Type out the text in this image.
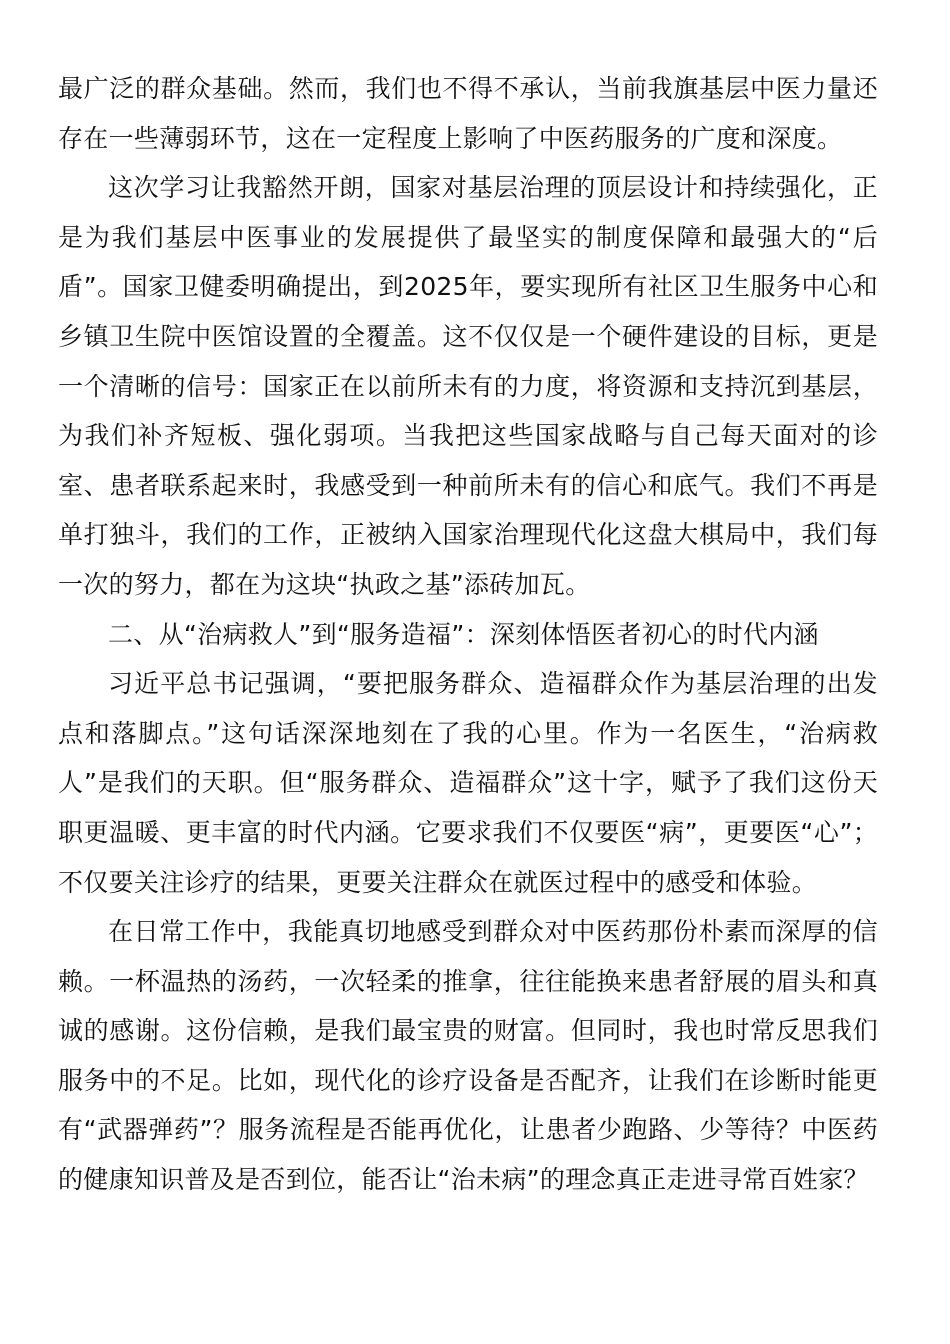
最广泛的群众基础。然而，我们也不得不承认，当前我旗基层中医力量还存在一些薄弱环节，这在一定程度上影响了中医药服务的广度和深度。

这次学习让我豁然开朗，国家对基层治理的顶层设计和持续强化，正是为我们基层中医事业的发展提供了最坚实的制度保障和最强大的“后盾”。国家卫健委明确提出，到2025年，要实现所有社区卫生服务中心和乡镇卫生院中医馆设置的全覆盖。这不仅仅是一个硬件建设的目标，更是一个清晰的信号：国家正在以前所未有的力度，将资源和支持沉到基层，为我们补齐短板、强化弱项。当我把这些国家战略与自己每天面对的诊室、患者联系起来时，我感受到一种前所未有的信心和底气。我们不再是单打独斗，我们的工作，正被纳入国家治理现代化这盘大棋局中，我们每一次的努力，都在为这块“执政之基”添砖加瓦。

二、从“治病救人”到“服务造福”：深刻体悟医者初心的时代内涵

习近平总书记强调，“要把服务群众、造福群众作为基层治理的出发点和落脚点。”这句话深深地刻在了我的心里。作为一名医生，“治病救人”是我们的天职。但“服务群众、造福群众”这十字，赋予了我们这份天职更温暖、更丰富的时代内涵。它要求我们不仅要医“病”，更要医“心”；不仅要关注诊疗的结果，更要关注群众在就医过程中的感受和体验。

在日常工作中，我能真切地感受到群众对中医药那份朴素而深厚的信赖。一杯温热的汤药，一次轻柔的推拿，往往能换来患者舒展的眉头和真诚的感谢。这份信赖，是我们最宝贵的财富。但同时，我也时常反思我们服务中的不足。比如，现代化的诊疗设备是否配齐，让我们在诊断时能更有“武器弹药”？服务流程是否能再优化，让患者少跑路、少等待？中医药的健康知识普及是否到位，能否让“治未病”的理念真正走进寻常百姓家？
